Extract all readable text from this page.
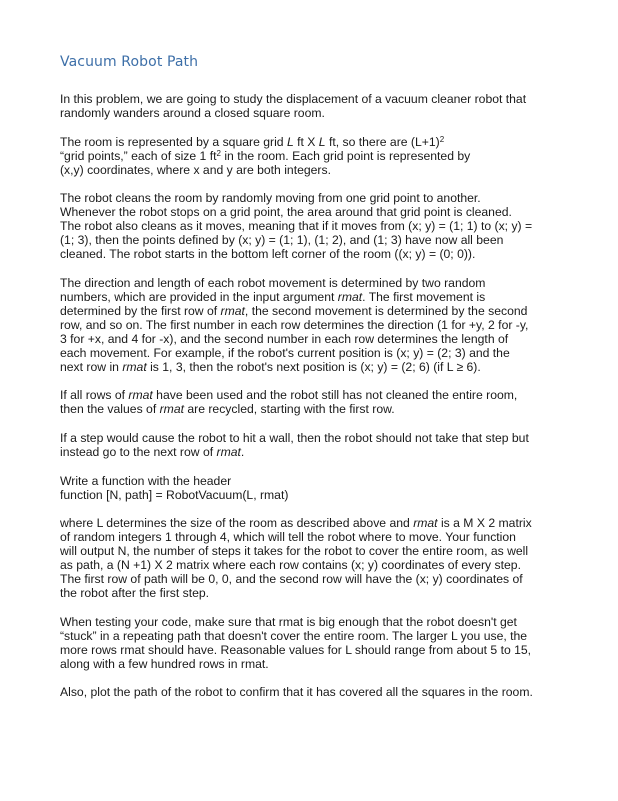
Vacuum Robot Path

In this problem, we are going to study the displacement of a vacuum cleaner robot that
randomly wanders around a closed square room.

The room is represented by a square grid L ft X L ft, so there are $(L+1)^2$
“grid points,” each of size 1 $ft^2$ in the room. Each grid point is represented by
(x,y) coordinates, where x and y are both integers.

The robot cleans the room by randomly moving from one grid point to another.
Whenever the robot stops on a grid point, the area around that grid point is cleaned.
The robot also cleans as it moves, meaning that if it moves from (x; y) = (1; 1) to (x; y) =
(1; 3), then the points defined by (x; y) = (1; 1), (1; 2), and (1; 3) have now all been
cleaned. The robot starts in the bottom left corner of the room ((x; y) = (0; 0)).

The direction and length of each robot movement is determined by two random
numbers, which are provided in the input argument rmat. The first movement is
determined by the first row of rmat, the second movement is determined by the second
row, and so on. The first number in each row determines the direction (1 for +y, 2 for -y,
3 for +x, and 4 for -x), and the second number in each row determines the length of
each movement. For example, if the robot's current position is (x; y) = (2; 3) and the
next row in rmat is 1, 3, then the robot's next position is (x; y) = (2; 6) (if L ≥ 6).

If all rows of rmat have been used and the robot still has not cleaned the entire room,
then the values of rmat are recycled, starting with the first row.

If a step would cause the robot to hit a wall, then the robot should not take that step but
instead go to the next row of rmat.

Write a function with the header
function [N, path] = RobotVacuum(L, rmat)

where L determines the size of the room as described above and rmat is a M X 2 matrix
of random integers 1 through 4, which will tell the robot where to move. Your function
will output N, the number of steps it takes for the robot to cover the entire room, as well
as path, a (N +1) X 2 matrix where each row contains (x; y) coordinates of every step.
The first row of path will be 0, 0, and the second row will have the (x; y) coordinates of
the robot after the first step.

When testing your code, make sure that rmat is big enough that the robot doesn't get
“stuck” in a repeating path that doesn't cover the entire room. The larger L you use, the
more rows rmat should have. Reasonable values for L should range from about 5 to 15,
along with a few hundred rows in rmat.

Also, plot the path of the robot to confirm that it has covered all the squares in the room.
